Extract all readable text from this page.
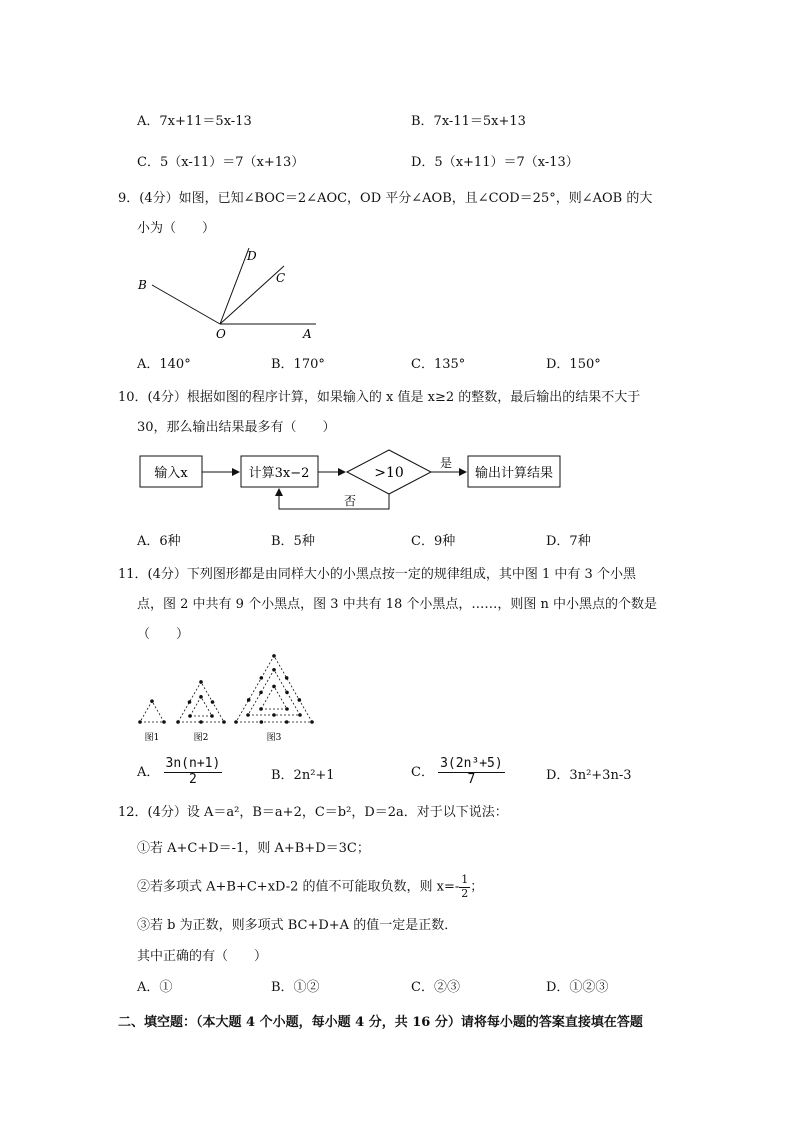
A．7x+11＝5x-13	B．7x-11＝5x+13
C．5（x-11）＝7（x+13）	D．5（x+11）＝7（x-13）
9．(4分）如图，已知∠BOC＝2∠AOC，OD 平分∠AOB，且∠COD＝25°，则∠AOB 的大
小为（　　）
B
D
C
O	A
A．140°	B．170°	C．135°	D．150°
10．(4分）根据如图的程序计算，如果输入的 x 值是 x≥2 的整数，最后输出的结果不大于
30，那么输出结果最多有（　　）
输入x	计算3x−2	>10
是
输出计算结果
否
A．6种	B．5种	C．9种	D．7种
11．(4分）下列图形都是由同样大小的小黑点按一定的规律组成，其中图 1 中有 3 个小黑
点，图 2 中共有 9 个小黑点，图 3 中共有 18 个小黑点，……，则图 n 中小黑点的个数是
（　　）
图1	图2	图3
A． $\frac{3n(n+1)}{2}$	B．2n²+1	C． $\frac{\text{3(2n³+5)}}{7}$	D．3n²+3n-3
12．(4分）设 A＝a²，B＝a+2，C＝b²，D＝2a．对于以下说法：
①若 A+C+D＝-1，则 A+B+D＝3C；
②若多项式 A+B+C+xD-2 的值不可能取负数，则 $x=- \frac{1}{2}$ ；
③若 b 为正数，则多项式 BC+D+A 的值一定是正数．
其中正确的有（　　）
A．①	B．①②	C．②③	D．①②③
二、填空题：（本大题 4 个小题，每小题 4 分，共 16 分）请将每小题的答案直接填在答题
